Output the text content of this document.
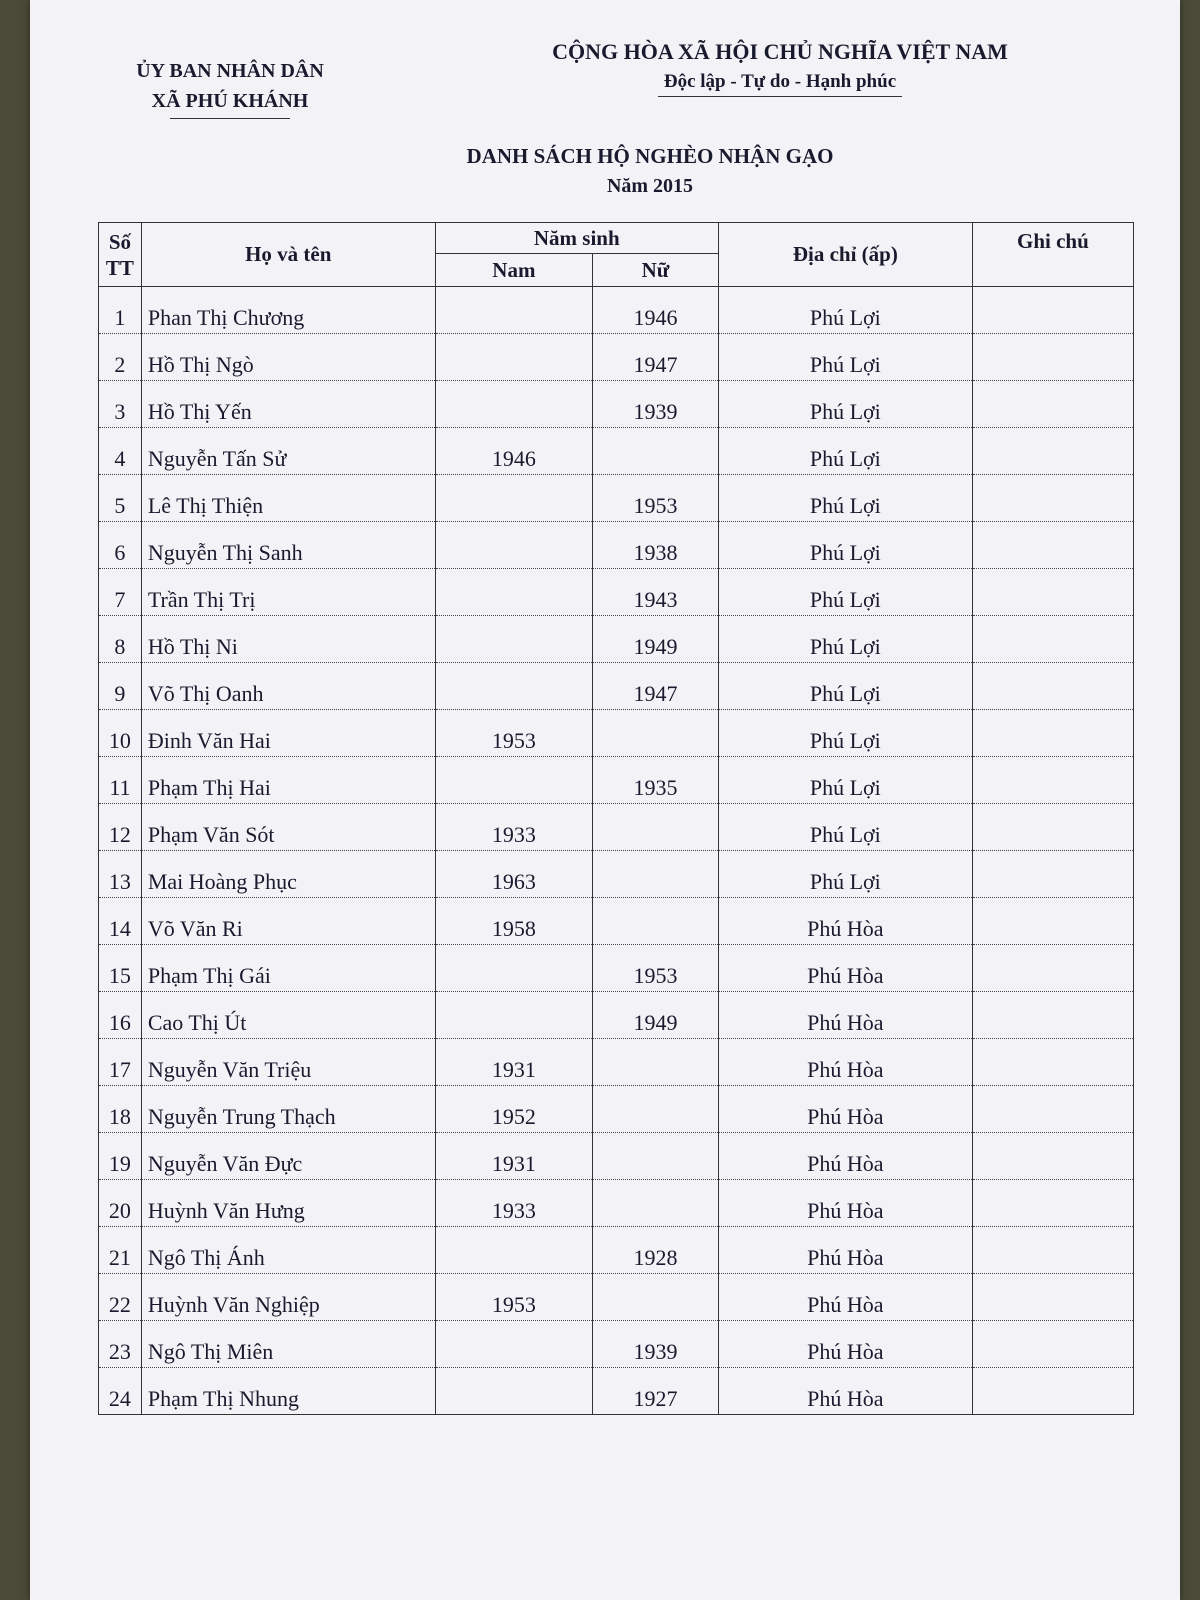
ỦY BAN NHÂN DÂN
XÃ PHÚ KHÁNH
CỘNG HÒA XÃ HỘI CHỦ NGHĨA VIỆT NAM
Độc lập - Tự do - Hạnh phúc
DANH SÁCH HỘ NGHÈO NHẬN GẠO
Năm 2015
Số
TT	Họ và tên	Năm sinh		Địa chỉ (ấp)	Ghi chú
		Nam	Nữ		
1	Phan Thị Chương		1946	Phú Lợi	
2	Hồ Thị Ngò		1947	Phú Lợi	
3	Hồ Thị Yến		1939	Phú Lợi	
4	Nguyễn Tấn Sử	1946		Phú Lợi	
5	Lê Thị Thiện		1953	Phú Lợi	
6	Nguyễn Thị Sanh		1938	Phú Lợi	
7	Trần Thị Trị		1943	Phú Lợi	
8	Hồ Thị Ni		1949	Phú Lợi	
9	Võ Thị Oanh		1947	Phú Lợi	
10	Đinh Văn Hai	1953		Phú Lợi	
11	Phạm Thị Hai		1935	Phú Lợi	
12	Phạm Văn Sót	1933		Phú Lợi	
13	Mai Hoàng Phục	1963		Phú Lợi	
14	Võ Văn Ri	1958		Phú Hòa	
15	Phạm Thị Gái		1953	Phú Hòa	
16	Cao Thị Út		1949	Phú Hòa	
17	Nguyễn Văn Triệu	1931		Phú Hòa	
18	Nguyễn Trung Thạch	1952		Phú Hòa	
19	Nguyễn Văn Đực	1931		Phú Hòa	
20	Huỳnh Văn Hưng	1933		Phú Hòa	
21	Ngô Thị Ánh		1928	Phú Hòa	
22	Huỳnh Văn Nghiệp	1953		Phú Hòa	
23	Ngô Thị Miên		1939	Phú Hòa	
24	Phạm Thị Nhung		1927	Phú Hòa	
